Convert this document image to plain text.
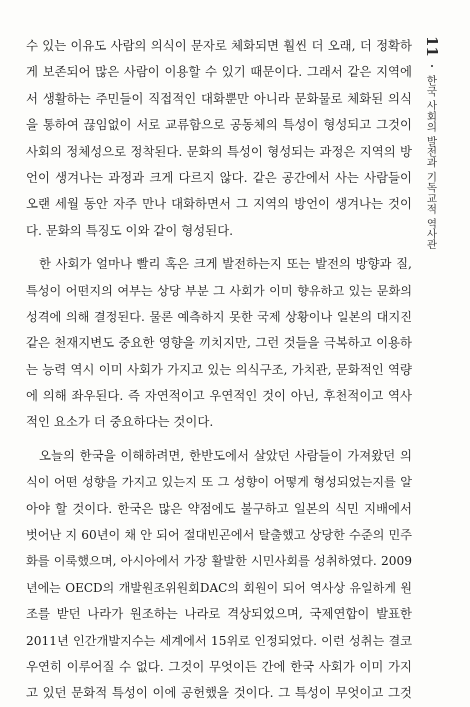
11
한국 사회의 발전과 기독교적 역사관
수 있는 이유도 사람의 의식이 문자로 체화되면 훨씬 더 오래, 더 정확하
게 보존되어 많은 사람이 이용할 수 있기 때문이다. 그래서 같은 지역에
서 생활하는 주민들이 직접적인 대화뿐만 아니라 문화물로 체화된 의식
을 통하여 끊임없이 서로 교류함으로 공동체의 특성이 형성되고 그것이
사회의 정체성으로 정착된다. 문화의 특성이 형성되는 과정은 지역의 방
언이 생겨나는 과정과 크게 다르지 않다. 같은 공간에서 사는 사람들이
오랜 세월 동안 자주 만나 대화하면서 그 지역의 방언이 생겨나는 것이
다. 문화의 특징도 이와 같이 형성된다.
한 사회가 얼마나 빨리 혹은 크게 발전하는지 또는 발전의 방향과 질,
특성이 어떤지의 여부는 상당 부분 그 사회가 이미 향유하고 있는 문화의
성격에 의해 결정된다. 물론 예측하지 못한 국제 상황이나 일본의 대지진
같은 천재지변도 중요한 영향을 끼치지만, 그런 것들을 극복하고 이용하
는 능력 역시 이미 사회가 가지고 있는 의식구조, 가치관, 문화적인 역량
에 의해 좌우된다. 즉 자연적이고 우연적인 것이 아닌, 후천적이고 역사
적인 요소가 더 중요하다는 것이다.
오늘의 한국을 이해하려면, 한반도에서 살았던 사람들이 가져왔던 의
식이 어떤 성향을 가지고 있는지 또 그 성향이 어떻게 형성되었는지를 알
아야 할 것이다. 한국은 많은 약점에도 불구하고 일본의 식민 지배에서
벗어난 지 60년이 채 안 되어 절대빈곤에서 탈출했고 상당한 수준의 민주
화를 이룩했으며, 아시아에서 가장 활발한 시민사회를 성취하였다. 2009
년에는 OECD의 개발원조위원회DAC의 회원이 되어 역사상 유일하게 원
조를 받던 나라가 원조하는 나라로 격상되었으며, 국제연합이 발표한
2011년 인간개발지수는 세계에서 15위로 인정되었다. 이런 성취는 결코
우연히 이루어질 수 없다. 그것이 무엇이든 간에 한국 사회가 이미 가지
고 있던 문화적 특성이 이에 공헌했을 것이다. 그 특성이 무엇이고 그것
